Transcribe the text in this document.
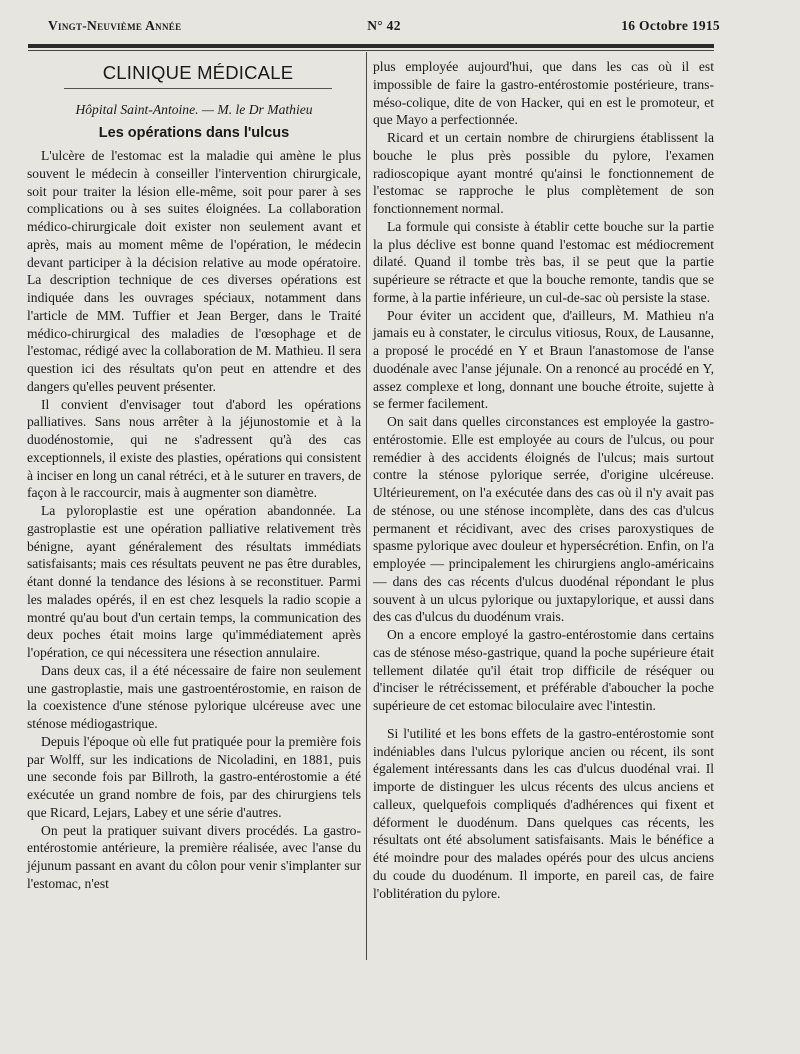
Vingt-Neuvième Année	N° 42	16 Octobre 1915
CLINIQUE MÉDICALE
Hôpital Saint-Antoine. — M. le Dr Mathieu
Les opérations dans l'ulcus

L'ulcère de l'estomac est la maladie qui amène le plus souvent le médecin à conseiller l'intervention chirurgicale, soit pour traiter la lésion elle-même, soit pour parer à ses complications ou à ses suites éloignées. La collaboration médico-chirurgicale doit exister non seulement avant et après, mais au moment même de l'opération, le médecin devant participer à la décision relative au mode opératoire. La description technique de ces diverses opérations est indiquée dans les ouvrages spéciaux, notamment dans l'article de MM. Tuffier et Jean Berger, dans le Traité médico-chirurgical des maladies de l'œsophage et de l'estomac, rédigé avec la collaboration de M. Mathieu. Il sera question ici des résultats qu'on peut en attendre et des dangers qu'elles peuvent présenter.

Il convient d'envisager tout d'abord les opérations palliatives. Sans nous arrêter à la jéjunostomie et à la duodénostomie, qui ne s'adressent qu'à des cas exceptionnels, il existe des plasties, opérations qui consistent à inciser en long un canal rétréci, et à le suturer en travers, de façon à le raccourcir, mais à augmenter son diamètre.

La pyloroplastie est une opération abandonnée. La gastroplastie est une opération palliative relativement très bénigne, ayant généralement des résultats immédiats satisfaisants; mais ces résultats peuvent ne pas être durables, étant donné la tendance des lésions à se reconstituer. Parmi les malades opérés, il en est chez lesquels la radio scopie a montré qu'au bout d'un certain temps, la communication des deux poches était moins large qu'immédiatement après l'opération, ce qui nécessitera une résection annulaire.

Dans deux cas, il a été nécessaire de faire non seulement une gastroplastie, mais une gastroentérostomie, en raison de la coexistence d'une sténose pylorique ulcéreuse avec une sténose médiogastrique.

Depuis l'époque où elle fut pratiquée pour la première fois par Wolff, sur les indications de Nicoladini, en 1881, puis une seconde fois par Billroth, la gastro-entérostomie a été exécutée un grand nombre de fois, par des chirurgiens tels que Ricard, Lejars, Labey et une série d'autres.

On peut la pratiquer suivant divers procédés. La gastro-entérostomie antérieure, la première réalisée, avec l'anse du jéjunum passant en avant du côlon pour venir s'implanter sur l'estomac, n'est

plus employée aujourd'hui, que dans les cas où il est impossible de faire la gastro-entérostomie postérieure, trans-méso-colique, dite de von Hacker, qui en est le promoteur, et que Mayo a perfectionnée.

Ricard et un certain nombre de chirurgiens établissent la bouche le plus près possible du pylore, l'examen radioscopique ayant montré qu'ainsi le fonctionnement de l'estomac se rapproche le plus complètement de son fonctionnement normal.

La formule qui consiste à établir cette bouche sur la partie la plus déclive est bonne quand l'estomac est médiocrement dilaté. Quand il tombe très bas, il se peut que la partie supérieure se rétracte et que la bouche remonte, tandis que se forme, à la partie inférieure, un cul-de-sac où persiste la stase.

Pour éviter un accident que, d'ailleurs, M. Mathieu n'a jamais eu à constater, le circulus vitiosus, Roux, de Lausanne, a proposé le procédé en Y et Braun l'anastomose de l'anse duodénale avec l'anse jéjunale. On a renoncé au procédé en Y, assez complexe et long, donnant une bouche étroite, sujette à se fermer facilement.

On sait dans quelles circonstances est employée la gastro-entérostomie. Elle est employée au cours de l'ulcus, ou pour remédier à des accidents éloignés de l'ulcus; mais surtout contre la sténose pylorique serrée, d'origine ulcéreuse. Ultérieurement, on l'a exécutée dans des cas où il n'y avait pas de sténose, ou une sténose incomplète, dans des cas d'ulcus permanent et récidivant, avec des crises paroxystiques de spasme pylorique avec douleur et hypersécrétion. Enfin, on l'a employée — principalement les chirurgiens anglo-américains — dans des cas récents d'ulcus duodénal répondant le plus souvent à un ulcus pylorique ou juxtapylorique, et aussi dans des cas d'ulcus du duodénum vrais.

On a encore employé la gastro-entérostomie dans certains cas de sténose méso-gastrique, quand la poche supérieure était tellement dilatée qu'il était trop difficile de réséquer ou d'inciser le rétrécissement, et préférable d'aboucher la poche supérieure de cet estomac biloculaire avec l'intestin.

Si l'utilité et les bons effets de la gastro-entérostomie sont indéniables dans l'ulcus pylorique ancien ou récent, ils sont également intéressants dans les cas d'ulcus duodénal vrai. Il importe de distinguer les ulcus récents des ulcus anciens et calleux, quelquefois compliqués d'adhérences qui fixent et déforment le duodénum. Dans quelques cas récents, les résultats ont été absolument satisfaisants. Mais le bénéfice a été moindre pour des malades opérés pour des ulcus anciens du coude du duodénum. Il importe, en pareil cas, de faire l'oblitération du pylore.
